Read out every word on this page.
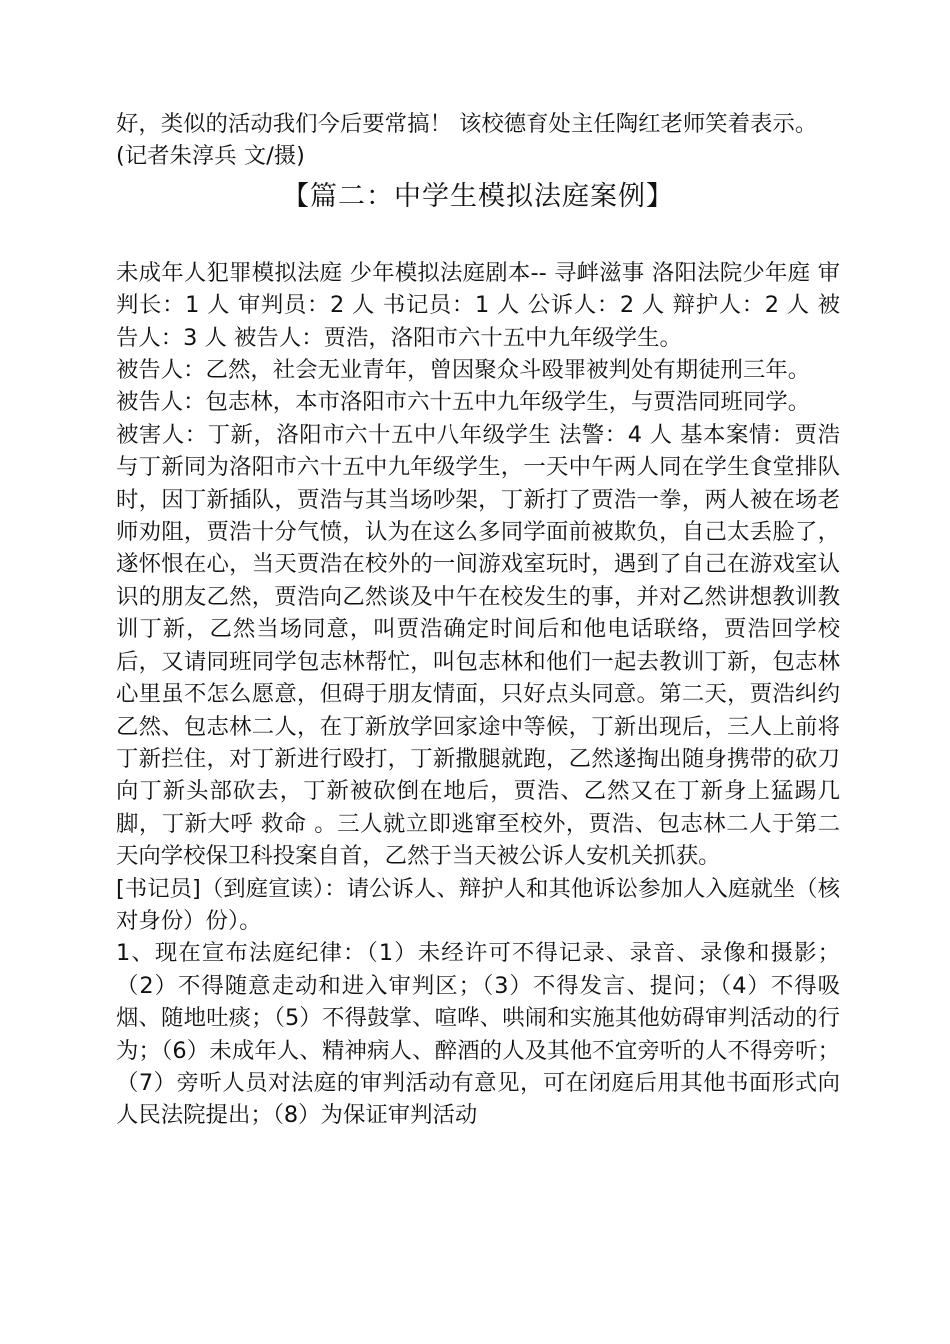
好，类似的活动我们今后要常搞！ 该校德育处主任陶红老师笑着表示。

(记者朱淳兵 文/摄)

【篇二：中学生模拟法庭案例】

未成年人犯罪模拟法庭 少年模拟法庭剧本-- 寻衅滋事 洛阳法院少年庭 审判长：1 人 审判员：2 人 书记员：1 人 公诉人：2 人 辩护人：2 人 被告人：3 人 被告人：贾浩，洛阳市六十五中九年级学生。

被告人：乙然，社会无业青年，曾因聚众斗殴罪被判处有期徒刑三年。

被告人：包志林，本市洛阳市六十五中九年级学生，与贾浩同班同学。

被害人：丁新，洛阳市六十五中八年级学生 法警：4 人 基本案情：贾浩与丁新同为洛阳市六十五中九年级学生，一天中午两人同在学生食堂排队时，因丁新插队，贾浩与其当场吵架，丁新打了贾浩一拳，两人被在场老师劝阻，贾浩十分气愤，认为在这么多同学面前被欺负，自己太丢脸了，遂怀恨在心，当天贾浩在校外的一间游戏室玩时，遇到了自己在游戏室认识的朋友乙然，贾浩向乙然谈及中午在校发生的事，并对乙然讲想教训教训丁新，乙然当场同意，叫贾浩确定时间后和他电话联络，贾浩回学校后，又请同班同学包志林帮忙，叫包志林和他们一起去教训丁新，包志林心里虽不怎么愿意，但碍于朋友情面，只好点头同意。第二天，贾浩纠约乙然、包志林二人，在丁新放学回家途中等候，丁新出现后，三人上前将丁新拦住，对丁新进行殴打，丁新撒腿就跑，乙然遂掏出随身携带的砍刀向丁新头部砍去，丁新被砍倒在地后，贾浩、乙然又在丁新身上猛踢几脚，丁新大呼 救命 。三人就立即逃窜至校外，贾浩、包志林二人于第二天向学校保卫科投案自首，乙然于当天被公诉人安机关抓获。

[书记员]（到庭宣读）：请公诉人、辩护人和其他诉讼参加人入庭就坐（核对身份）份）。

1、现在宣布法庭纪律：（1）未经许可不得记录、录音、录像和摄影；（2）不得随意走动和进入审判区；（3）不得发言、提问；（4）不得吸烟、随地吐痰；（5）不得鼓掌、喧哗、哄闹和实施其他妨碍审判活动的行为；（6）未成年人、精神病人、醉酒的人及其他不宜旁听的人不得旁听；（7）旁听人员对法庭的审判活动有意见，可在闭庭后用其他书面形式向人民法院提出；（8）为保证审判活动
